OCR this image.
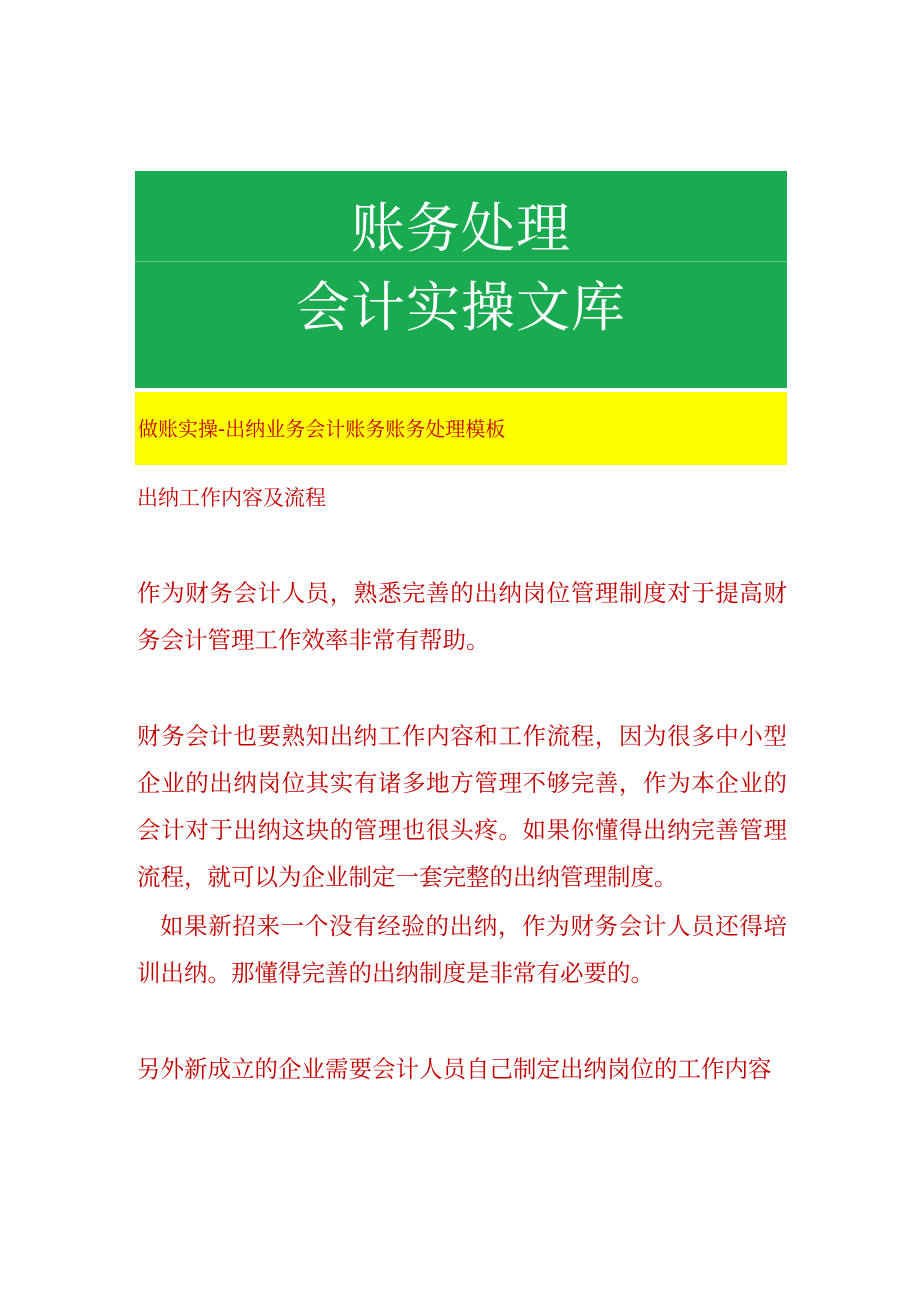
账务处理
会计实操文库
做账实操-出纳业务会计账务账务处理模板
出纳工作内容及流程

作为财务会计人员，熟悉完善的出纳岗位管理制度对于提高财务会计管理工作效率非常有帮助。

财务会计也要熟知出纳工作内容和工作流程，因为很多中小型企业的出纳岗位其实有诸多地方管理不够完善，作为本企业的会计对于出纳这块的管理也很头疼。如果你懂得出纳完善管理流程，就可以为企业制定一套完整的出纳管理制度。

如果新招来一个没有经验的出纳，作为财务会计人员还得培训出纳。那懂得完善的出纳制度是非常有必要的。

另外新成立的企业需要会计人员自己制定出纳岗位的工作内容
